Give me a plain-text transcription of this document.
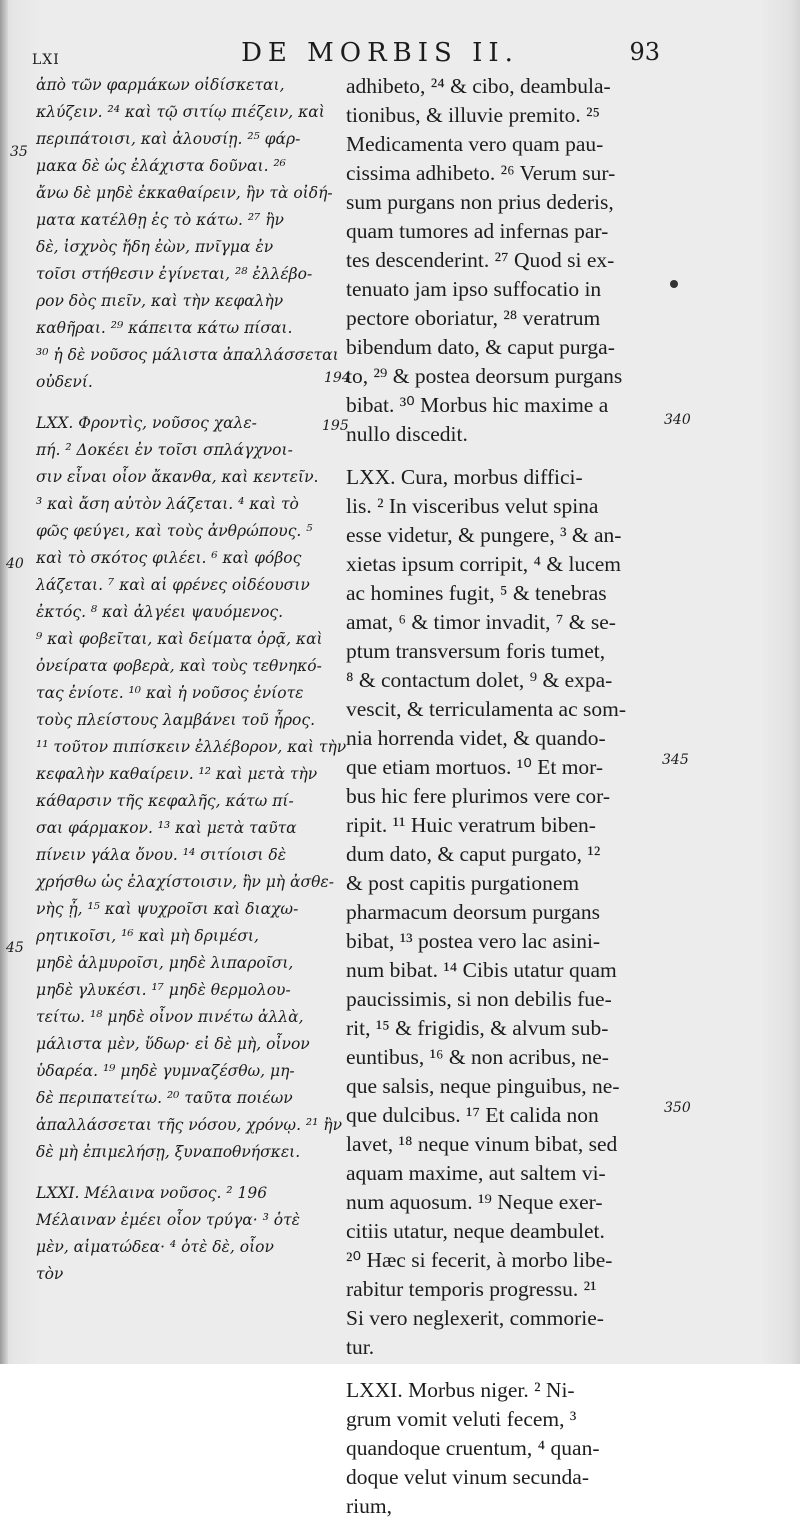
LXI	DE MORBIS II.	93
ἀπὸ τῶν φαρμάκων οἰδίσκεται,
κλύζειν. ²⁴ καὶ τῷ σιτίῳ πιέζειν, καὶ
περιπάτοισι, καὶ ἀλουσίῃ. ²⁵ φάρ-
μακα δὲ ὡς ἐλάχιστα δοῦναι. ²⁶
ἄνω δὲ μηδὲ ἐκκαθαίρειν, ἢν τὰ οἰδή-
ματα κατέλθῃ ἐς τὸ κάτω. ²⁷ ἢν
δὲ, ἰσχνὸς ἤδη ἐὼν, πνῖγμα ἐν
τοῖσι στήθεσιν ἐγίνεται, ²⁸ ἐλλέβο-
ρον δὸς πιεῖν, καὶ τὴν κεφαλὴν
καθῆραι. ²⁹ κάπειτα κάτω πίσαι.
³⁰ ἡ δὲ νοῦσος μάλιστα ἀπαλλάσσεται
οὐδενί.
LXX. Φροντὶς, νοῦσος χαλε-
πή. ² Δοκέει ἐν τοῖσι σπλάγχνοι-
σιν εἶναι οἷον ἄκανθα, καὶ κεντεῖν.
³ καὶ ἄση αὐτὸν λάζεται. ⁴ καὶ τὸ
φῶς φεύγει, καὶ τοὺς ἀνθρώπους. ⁵
καὶ τὸ σκότος φιλέει. ⁶ καὶ φόβος
λάζεται. ⁷ καὶ αἱ φρένες οἰδέουσιν
ἐκτός. ⁸ καὶ ἀλγέει ψαυόμενος.
⁹ καὶ φοβεῖται, καὶ δείματα ὁρᾷ, καὶ
ὀνείρατα φοβερὰ, καὶ τοὺς τεθνηκό-
τας ἐνίοτε. ¹⁰ καὶ ἡ νοῦσος ἐνίοτε
τοὺς πλείστους λαμβάνει τοῦ ἦρος.
¹¹ τοῦτον πιπίσκειν ἐλλέβορον, καὶ τὴν
κεφαλὴν καθαίρειν. ¹² καὶ μετὰ τὴν
κάθαρσιν τῆς κεφαλῆς, κάτω πί-
σαι φάρμακον. ¹³ καὶ μετὰ ταῦτα
πίνειν γάλα ὄνου. ¹⁴ σιτίοισι δὲ
χρήσθω ὡς ἐλαχίστοισιν, ἢν μὴ ἀσθε-
νὴς ᾖ, ¹⁵ καὶ ψυχροῖσι καὶ διαχω-
ρητικοῖσι, ¹⁶ καὶ μὴ δριμέσι,
μηδὲ ἁλμυροῖσι, μηδὲ λιπαροῖσι,
μηδὲ γλυκέσι. ¹⁷ μηδὲ θερμολου-
τείτω. ¹⁸ μηδὲ οἶνον πινέτω ἀλλὰ,
μάλιστα μὲν, ὕδωρ· εἰ δὲ μὴ, οἶνον
ὑδαρέα. ¹⁹ μηδὲ γυμναζέσθω, μη-
δὲ περιπατείτω. ²⁰ ταῦτα ποιέων
ἀπαλλάσσεται τῆς νόσου, χρόνῳ. ²¹ ἢν
δὲ μὴ ἐπιμελήσῃ, ξυναποθνήσκει.
LXXI. Μέλαινα νοῦσος. ² 196
Μέλαιναν ἐμέει οἷον τρύγα· ³ ὁτὲ
μὲν, αἱματώδεα· ⁴ ὁτὲ δὲ, οἷον
τὸν
adhibeto, ²⁴ & cibo, deambula-
tionibus, & illuvie premito. ²⁵
Medicamenta vero quam pau-
cissima adhibeto. ²⁶ Verum sur-
sum purgans non prius dederis,
quam tumores ad infernas par-
tes descenderint. ²⁷ Quod si ex-
tenuato jam ipso suffocatio in
pectore oboriatur, ²⁸ veratrum
bibendum dato, & caput purga-
to, ²⁹ & postea deorsum purgans
bibat. ³⁰ Morbus hic maxime a
nullo discedit.
LXX. Cura, morbus diffici-
lis. ² In visceribus velut spina
esse videtur, & pungere, ³ & an-
xietas ipsum corripit, ⁴ & lucem
ac homines fugit, ⁵ & tenebras
amat, ⁶ & timor invadit, ⁷ & se-
ptum transversum foris tumet,
⁸ & contactum dolet, ⁹ & expa-
vescit, & terriculamenta ac som-
nia horrenda videt, & quando-
que etiam mortuos. ¹⁰ Et mor-
bus hic fere plurimos vere cor-
ripit. ¹¹ Huic veratrum biben-
dum dato, & caput purgato, ¹²
& post capitis purgationem
pharmacum deorsum purgans
bibat, ¹³ postea vero lac asini-
num bibat. ¹⁴ Cibis utatur quam
paucissimis, si non debilis fue-
rit, ¹⁵ & frigidis, & alvum sub-
euntibus, ¹⁶ & non acribus, ne-
que salsis, neque pinguibus, ne-
que dulcibus. ¹⁷ Et calida non
lavet, ¹⁸ neque vinum bibat, sed
aquam maxime, aut saltem vi-
num aquosum. ¹⁹ Neque exer-
citiis utatur, neque deambulet.
²⁰ Hæc si fecerit, à morbo libe-
rabitur temporis progressu. ²¹
Si vero neglexerit, commorie-
tur.
LXXI. Morbus niger. ² Ni-
grum vomit veluti fecem, ³
quandoque cruentum, ⁴ quan-
doque velut vinum secunda-
rium,
35
194
195
40
45
340
345
350
